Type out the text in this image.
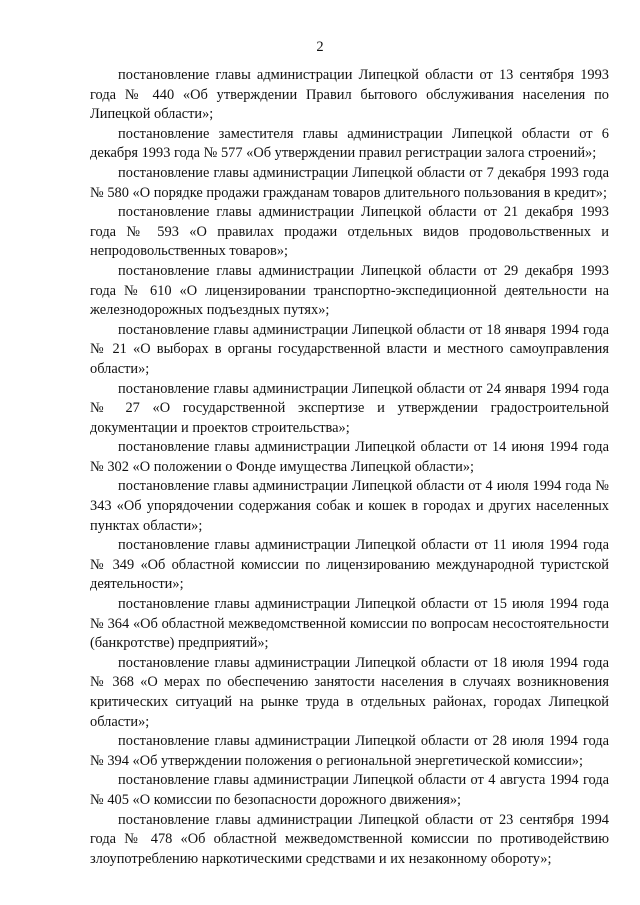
2

постановление главы администрации Липецкой области от 13 сентября 1993 года № 440 «Об утверждении Правил бытового обслуживания населения по Липецкой области»;

постановление заместителя главы администрации Липецкой области от 6 декабря 1993 года № 577 «Об утверждении правил регистрации залога строений»;

постановление главы администрации Липецкой области от 7 декабря 1993 года № 580 «О порядке продажи гражданам товаров длительного пользования в кредит»;

постановление главы администрации Липецкой области от 21 декабря 1993 года № 593 «О правилах продажи отдельных видов продовольственных и непродовольственных товаров»;

постановление главы администрации Липецкой области от 29 декабря 1993 года № 610 «О лицензировании транспортно-экспедиционной деятельности на железнодорожных подъездных путях»;

постановление главы администрации Липецкой области от 18 января 1994 года № 21 «О выборах в органы государственной власти и местного самоуправления области»;

постановление главы администрации Липецкой области от 24 января 1994 года № 27 «О государственной экспертизе и утверждении градостроительной документации и проектов строительства»;

постановление главы администрации Липецкой области от 14 июня 1994 года № 302 «О положении о Фонде имущества Липецкой области»;

постановление главы администрации Липецкой области от 4 июля 1994 года № 343 «Об упорядочении содержания собак и кошек в городах и других населенных пунктах области»;

постановление главы администрации Липецкой области от 11 июля 1994 года № 349 «Об областной комиссии по лицензированию международной туристской деятельности»;

постановление главы администрации Липецкой области от 15 июля 1994 года № 364 «Об областной межведомственной комиссии по вопросам несостоятельности (банкротстве) предприятий»;

постановление главы администрации Липецкой области от 18 июля 1994 года № 368 «О мерах по обеспечению занятости населения в случаях возникновения критических ситуаций на рынке труда в отдельных районах, городах Липецкой области»;

постановление главы администрации Липецкой области от 28 июля 1994 года № 394 «Об утверждении положения о региональной энергетической комиссии»;

постановление главы администрации Липецкой области от 4 августа 1994 года № 405 «О комиссии по безопасности дорожного движения»;

постановление главы администрации Липецкой области от 23 сентября 1994 года № 478 «Об областной межведомственной комиссии по противодействию злоупотреблению наркотическими средствами и их незаконному обороту»;
